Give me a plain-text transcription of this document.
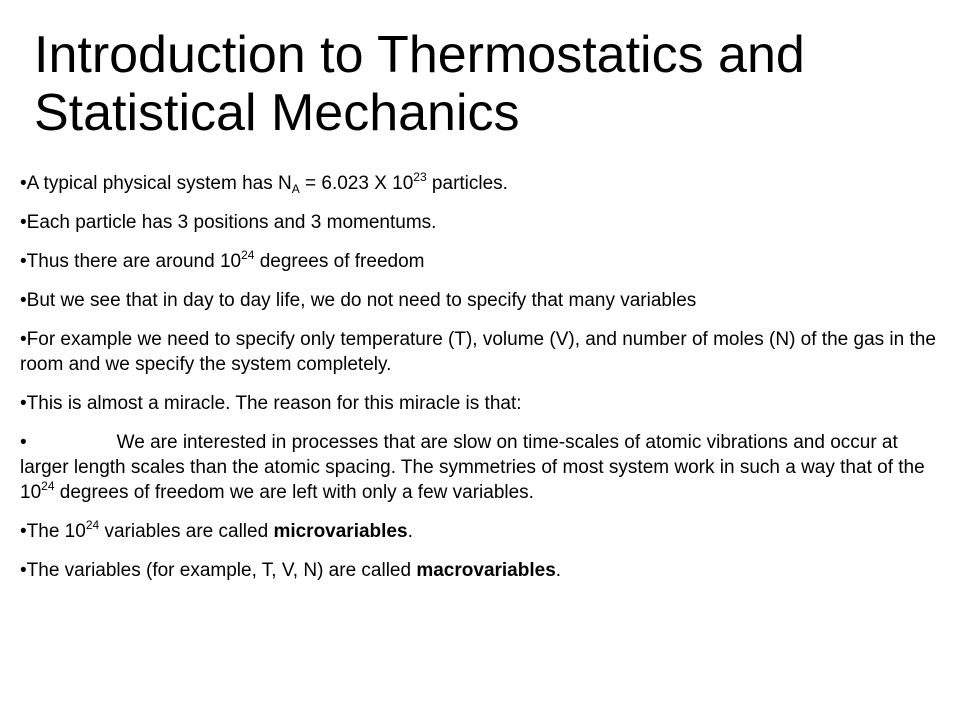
Introduction to Thermostatics and
Statistical Mechanics
•A typical physical system has $N_A = 6.023$ X $10^{23}$ particles.
•Each particle has 3 positions and 3 momentums.
•Thus there are around $10^{24}$ degrees of freedom
•But we see that in day to day life, we do not need to specify that many variables
•For example we need to specify only temperature (T), volume (V), and number of moles (N) of the gas in the room and we specify the system completely.
•This is almost a miracle. The reason for this miracle is that:
•	We are interested in processes that are slow on time-scales of atomic vibrations and occur at larger length scales than the atomic spacing. The symmetries of most system work in such a way that of the $10^{24}$ degrees of freedom we are left with only a few variables.
•The $10^{24}$ variables are called microvariables.
•The variables (for example, T, V, N) are called macrovariables.
